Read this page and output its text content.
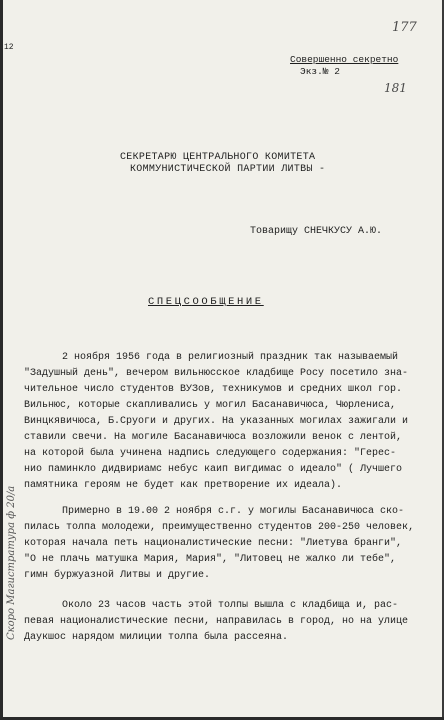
12
177
181
Совершенно секретно
Экз.№ 2
СЕКРЕТАРЮ ЦЕНТРАЛЬНОГО КОМИТЕТА
КОММУНИСТИЧЕСКОЙ ПАРТИИ ЛИТВЫ -
Товарищу СНЕЧКУСУ А.Ю.
СПЕЦСООБЩЕНИЕ
2 ноября 1956 года в религиозный праздник так называемый
"Задушный день", вечером вильнюсское кладбище Росу посетило зна-
чительное число студентов ВУЗов, техникумов и средних школ гор.
Вильнюс, которые скапливались у могил Басанавичюса, Чюрлениса,
Винцкявичюса, Б.Сруоги и других. На указанных могилах зажигали и
ставили свечи. На могиле Басанавичюса возложили венок с лентой,
на которой была учинена надпись следующего содержания: "Герес-
нио паминкло дидвириамс небус каип вигдимас о идеало" ( Лучшего
памятника героям не будет как претворение их идеала).
Примерно в 19.00 2 ноября с.г. у могилы Басанавичюса ско-
пилась толпа молодежи, преимущественно студентов 200-250 человек,
которая начала петь националистические песни: "Лиетува бранги",
"О не плачь матушка Мария, Мария", "Литовец не жалко ли тебе",
гимн буржуазной Литвы и другие.
Около 23 часов часть этой толпы вышла с кладбища и, рас-
певая националистические песни, направилась в город, но на улице
Даукшос нарядом милиции толпа была рассеяна.
Скоро Магистратура ф 20/а
